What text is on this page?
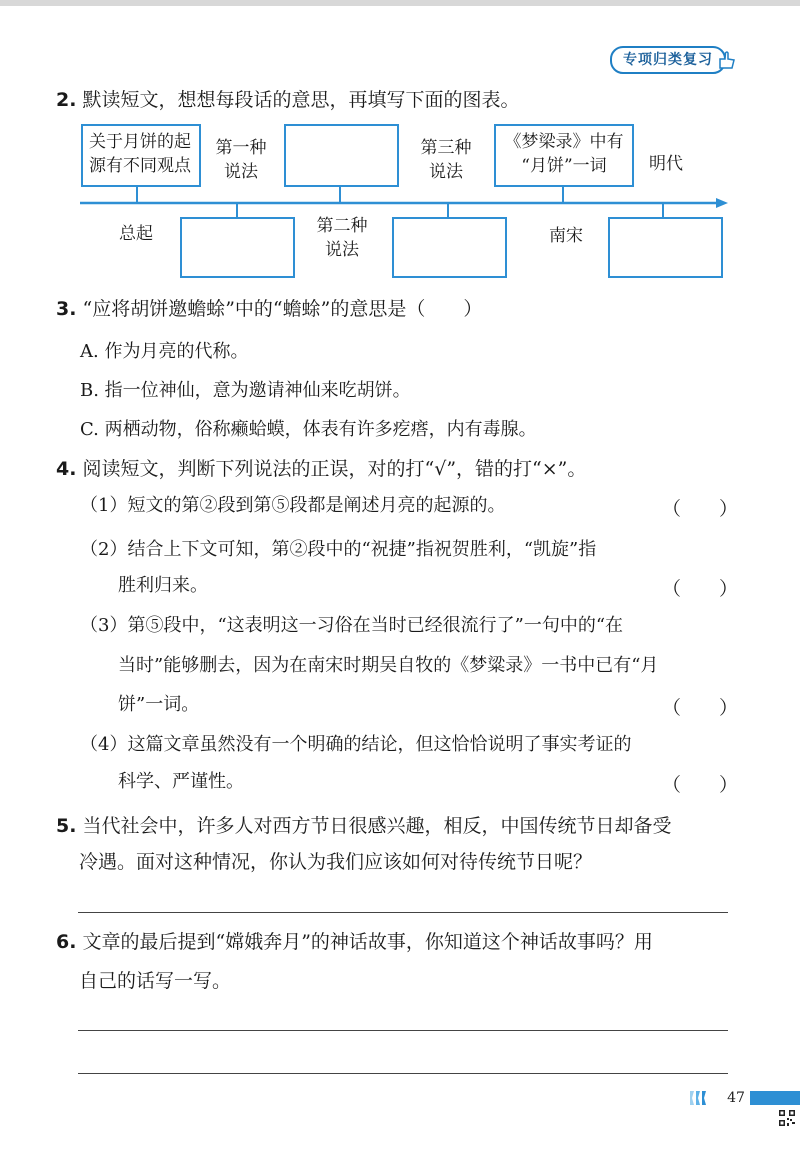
专项归类复习
2. 默读短文，想想每段话的意思，再填写下面的图表。
关于月饼的起
源有不同观点
第一种
说法
第三种
说法
《梦梁录》中有
“月饼”一词	明代
总起	第二种
说法
南宋
3. “应将胡饼邀蟾蜍”中的“蟾蜍”的意思是（　　）
A. 作为月亮的代称。
B. 指一位神仙，意为邀请神仙来吃胡饼。
C. 两栖动物，俗称癞蛤蟆，体表有许多疙瘩，内有毒腺。
4. 阅读短文，判断下列说法的正误，对的打“√”，错的打“×”。
（1）短文的第②段到第⑤段都是阐述月亮的起源的。	（　　）
（2）结合上下文可知，第②段中的“祝捷”指祝贺胜利，“凯旋”指
胜利归来。	（　　）
（3）第⑤段中，“这表明这一习俗在当时已经很流行了”一句中的“在
当时”能够删去，因为在南宋时期吴自牧的《梦粱录》一书中已有“月
饼”一词。	（　　）
（4）这篇文章虽然没有一个明确的结论，但这恰恰说明了事实考证的
科学、严谨性。	（　　）
5. 当代社会中，许多人对西方节日很感兴趣，相反，中国传统节日却备受
冷遇。面对这种情况，你认为我们应该如何对待传统节日呢？
6. 文章的最后提到“嫦娥奔月”的神话故事，你知道这个神话故事吗？用
自己的话写一写。
47
